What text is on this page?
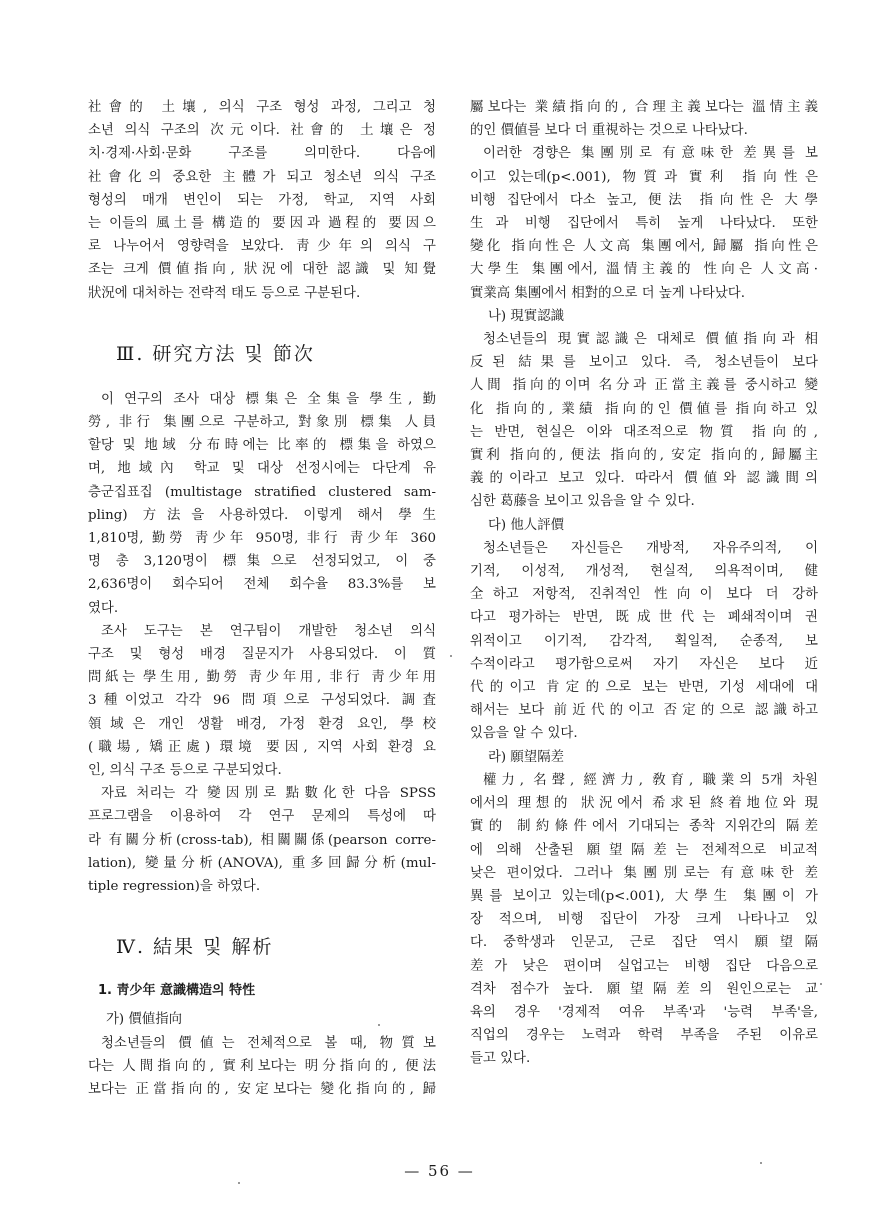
社會的 土壤, 의식 구조 형성 과정, 그리고 청
소년 의식 구조의 次元이다. 社會的 土壤은 정
치·경제·사회·문화 구조를 의미한다. 다음에
社會化의 중요한 主體가 되고 청소년 의식 구조
형성의 매개 변인이 되는 가정, 학교, 지역 사회
는 이들의 風土를 構造的 要因과 過程的 要因으
로 나누어서 영향력을 보았다. 靑少年의 의식 구
조는 크게 價値指向, 狀況에 대한 認識 및 知覺
狀況에 대처하는 전략적 태도 등으로 구분된다.
Ⅲ. 研究方法 및 節次
이 연구의 조사 대상 標集은 全集을 學生, 勤
勞, 非行 集團으로 구분하고, 對象別 標集 人員
할당 및 地域 分布時에는 比率的 標集을 하였으
며, 地域內 학교 및 대상 선정시에는 다단계 유
층군집표집 (multistage stratified clustered sam-
pling) 方法을 사용하였다. 이렇게 해서 學生
1,810명, 勤勞 靑少年 950명, 非行 靑少年 360
명 총 3,120명이 標集으로 선정되었고, 이 중
2,636명이 회수되어 전체 회수율 83.3%를 보
였다.
조사 도구는 본 연구팀이 개발한 청소년 의식
구조 및 형성 배경 질문지가 사용되었다. 이 質
問紙는 學生用, 勤勞 靑少年用, 非行 靑少年用
3種이었고 각각 96 問項으로 구성되었다. 調査
領域은 개인 생활 배경, 가정 환경 요인, 學校
(職場, 矯正處) 環境 要因, 지역 사회 환경 요
인, 의식 구조 등으로 구분되었다.
자료 처리는 각 變因別로 點數化한 다음 SPSS
프로그램을 이용하여 각 연구 문제의 특성에 따
라 有關分析(cross-tab), 相關關係(pearson corre-
lation), 變量分析(ANOVA), 重多回歸分析(mul-
tiple regression)을 하였다.
Ⅳ. 結果 및 解析
1. 靑少年 意識構造의 特性

가) 價値指向

청소년들의 價値는 전체적으로 볼 때, 物質보
다는 人間指向的, 實利보다는 明分指向的, 便法
보다는 正當指向的, 安定보다는 變化指向的, 歸
屬보다는 業績指向的, 合理主義보다는 溫情主義
的인 價値를 보다 더 重視하는 것으로 나타났다.
이러한 경향은 集團別로 有意味한 差異를 보
이고 있는데(p<.001), 物質과 實利 指向性은
비행 집단에서 다소 높고, 便法 指向性은 大學
生과 비행 집단에서 특히 높게 나타났다. 또한
變化 指向性은 人文高 集團에서, 歸屬 指向性은
大學生 集團에서, 溫情主義的 性向은 人文高·
實業高 集團에서 相對的으로 더 높게 나타났다.

나) 現實認識

청소년들의 現實認識은 대체로 價値指向과 相
反된 結果를 보이고 있다. 즉, 청소년들이 보다
人間 指向的이며 名分과 正當主義를 중시하고 變
化 指向的, 業績 指向的인 價値를 指向하고 있
는 반면, 현실은 이와 대조적으로 物質 指向的,
實利 指向的, 便法 指向的, 安定 指向的, 歸屬主
義的이라고 보고 있다. 따라서 價値와 認識間의
심한 葛藤을 보이고 있음을 알 수 있다.

다) 他人評價

청소년들은 자신들은 개방적, 자유주의적, 이
기적, 이성적, 개성적, 현실적, 의욕적이며, 健
全하고 저항적, 진취적인 性向이 보다 더 강하
다고 평가하는 반면, 既成世代는 폐쇄적이며 권
위적이고 이기적, 감각적, 획일적, 순종적, 보
수적이라고 평가함으로써 자기 자신은 보다 近
代的이고 肯定的으로 보는 반면, 기성 세대에 대
해서는 보다 前近代的이고 否定的으로 認識하고
있음을 알 수 있다.

라) 願望隔差

權力, 名聲, 經濟力, 敎育, 職業의 5개 차원
에서의 理想的 狀況에서 希求된 終着地位와 現
實的 制約條件에서 기대되는 종착 지위간의 隔差
에 의해 산출된 願望隔差는 전체적으로 비교적
낮은 편이었다. 그러나 集團別로는 有意味한 差
異를 보이고 있는데(p<.001), 大學生 集團이 가
장 적으며, 비행 집단이 가장 크게 나타나고 있
다. 중학생과 인문고, 근로 집단 역시 願望隔
差가 낮은 편이며 실업고는 비행 집단 다음으로
격차 점수가 높다. 願望隔差의 원인으로는 교
육의 경우 '경제적 여유 부족'과 '능력 부족'을,
직업의 경우는 노력과 학력 부족을 주된 이유로
들고 있다.
— 56 —
